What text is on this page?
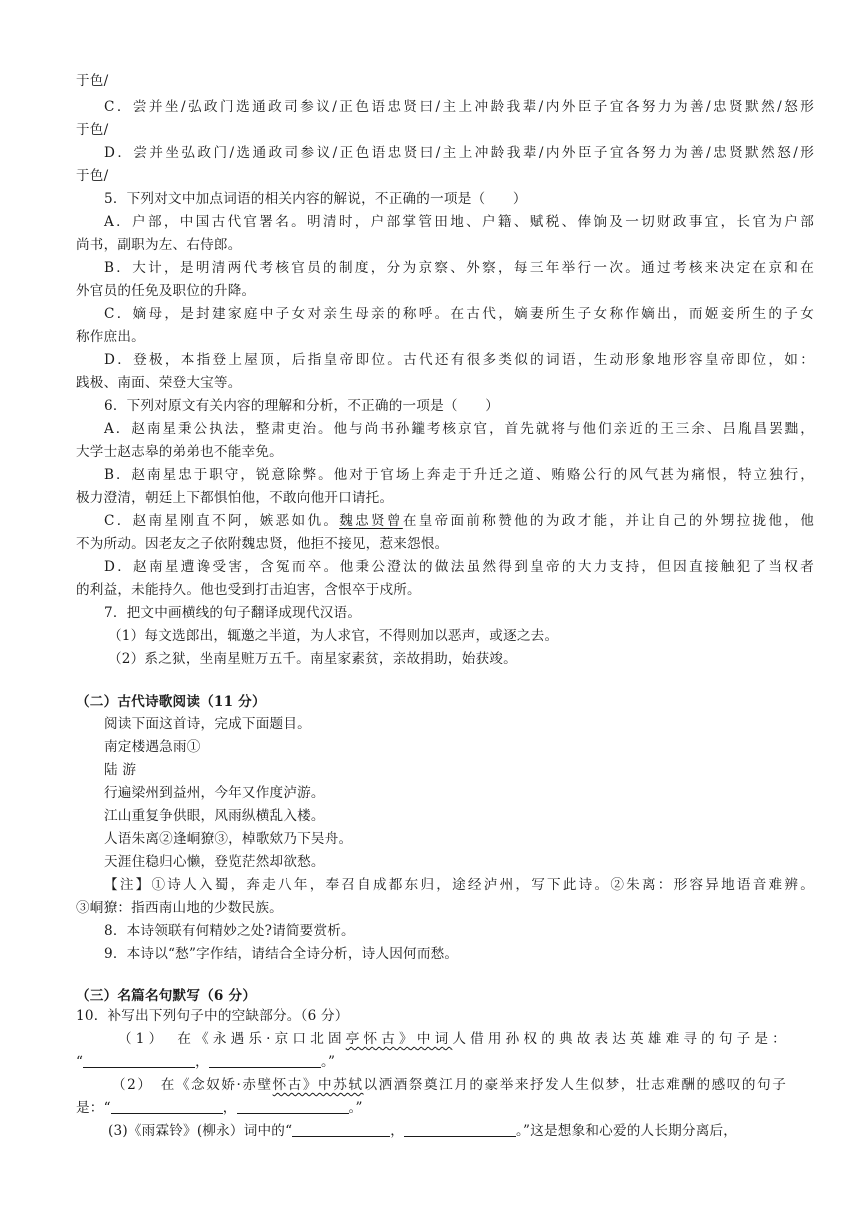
于色/
C．尝并坐/弘政门选通政司参议/正色语忠贤曰/主上冲龄我辈/内外臣子宜各努力为善/忠贤默然/怒形
于色/
D．尝并坐弘政门/选通政司参议/正色语忠贤曰/主上冲龄我辈/内外臣子宜各努力为善/忠贤默然怒/形
于色/
5．下列对文中加点词语的相关内容的解说，不正确的一项是（　　）
A．户部，中国古代官署名。明清时，户部掌管田地、户籍、赋税、俸饷及一切财政事宜，长官为户部
尚书，副职为左、右侍郎。
B．大计，是明清两代考核官员的制度，分为京察、外察，每三年举行一次。通过考核来决定在京和在
外官员的任免及职位的升降。
C．嫡母，是封建家庭中子女对亲生母亲的称呼。在古代，嫡妻所生子女称作嫡出，而姬妾所生的子女
称作庶出。
D．登极，本指登上屋顶，后指皇帝即位。古代还有很多类似的词语，生动形象地形容皇帝即位，如：
践极、南面、荣登大宝等。
6．下列对原文有关内容的理解和分析，不正确的一项是（　　）
A．赵南星秉公执法，整肃吏治。他与尚书孙鑨考核京官，首先就将与他们亲近的王三余、吕胤昌罢黜，
大学士赵志皋的弟弟也不能幸免。
B．赵南星忠于职守，锐意除弊。他对于官场上奔走于升迁之道、贿赂公行的风气甚为痛恨，特立独行，
极力澄清，朝廷上下都惧怕他，不敢向他开口请托。
C．赵南星刚直不阿，嫉恶如仇。魏忠贤曾在皇帝面前称赞他的为政才能，并让自己的外甥拉拢他，他
不为所动。因老友之子依附魏忠贤，他拒不接见，惹来怨恨。
D．赵南星遭谗受害，含冤而卒。他秉公澄汰的做法虽然得到皇帝的大力支持，但因直接触犯了当权者
的利益，未能持久。他也受到打击迫害，含恨卒于戍所。
7．把文中画横线的句子翻译成现代汉语。
（1）每文选郎出，辄邀之半道，为人求官，不得则加以恶声，或逐之去。
（2）系之狱，坐南星赃万五千。南星家素贫，亲故捐助，始获竣。
（二）古代诗歌阅读（11 分）
阅读下面这首诗，完成下面题目。
南定楼遇急雨①
陆 游
行遍梁州到益州，今年又作度泸游。
江山重复争供眼，风雨纵横乱入楼。
人语朱离②逢峒獠③，棹歌欸乃下吴舟。
天涯住稳归心懒，登览茫然却欲愁。
【注】①诗人入蜀，奔走八年，奉召自成都东归，途经泸州，写下此诗。②朱离：形容异地语音难辨。
③峒獠：指西南山地的少数民族。
8．本诗领联有何精妙之处?请简要赏析。
9．本诗以“愁”字作结，请结合全诗分析，诗人因何而愁。
（三）名篇名句默写（6 分）
10．补写出下列句子中的空缺部分。（6 分）
（1）　在《永遇乐·京口北固亭怀古》中词人借用孙权的典故表达英雄难寻的句子是：
“	，	。”
（2）　在《念奴娇·赤壁怀古》中苏轼以洒酒祭奠江月的豪举来抒发人生似梦，壮志难酬的感叹的句子
是：“	，	。”
(3)《雨霖铃》(柳永）词中的“	，	。”这是想象和心爱的人长期分离后，
